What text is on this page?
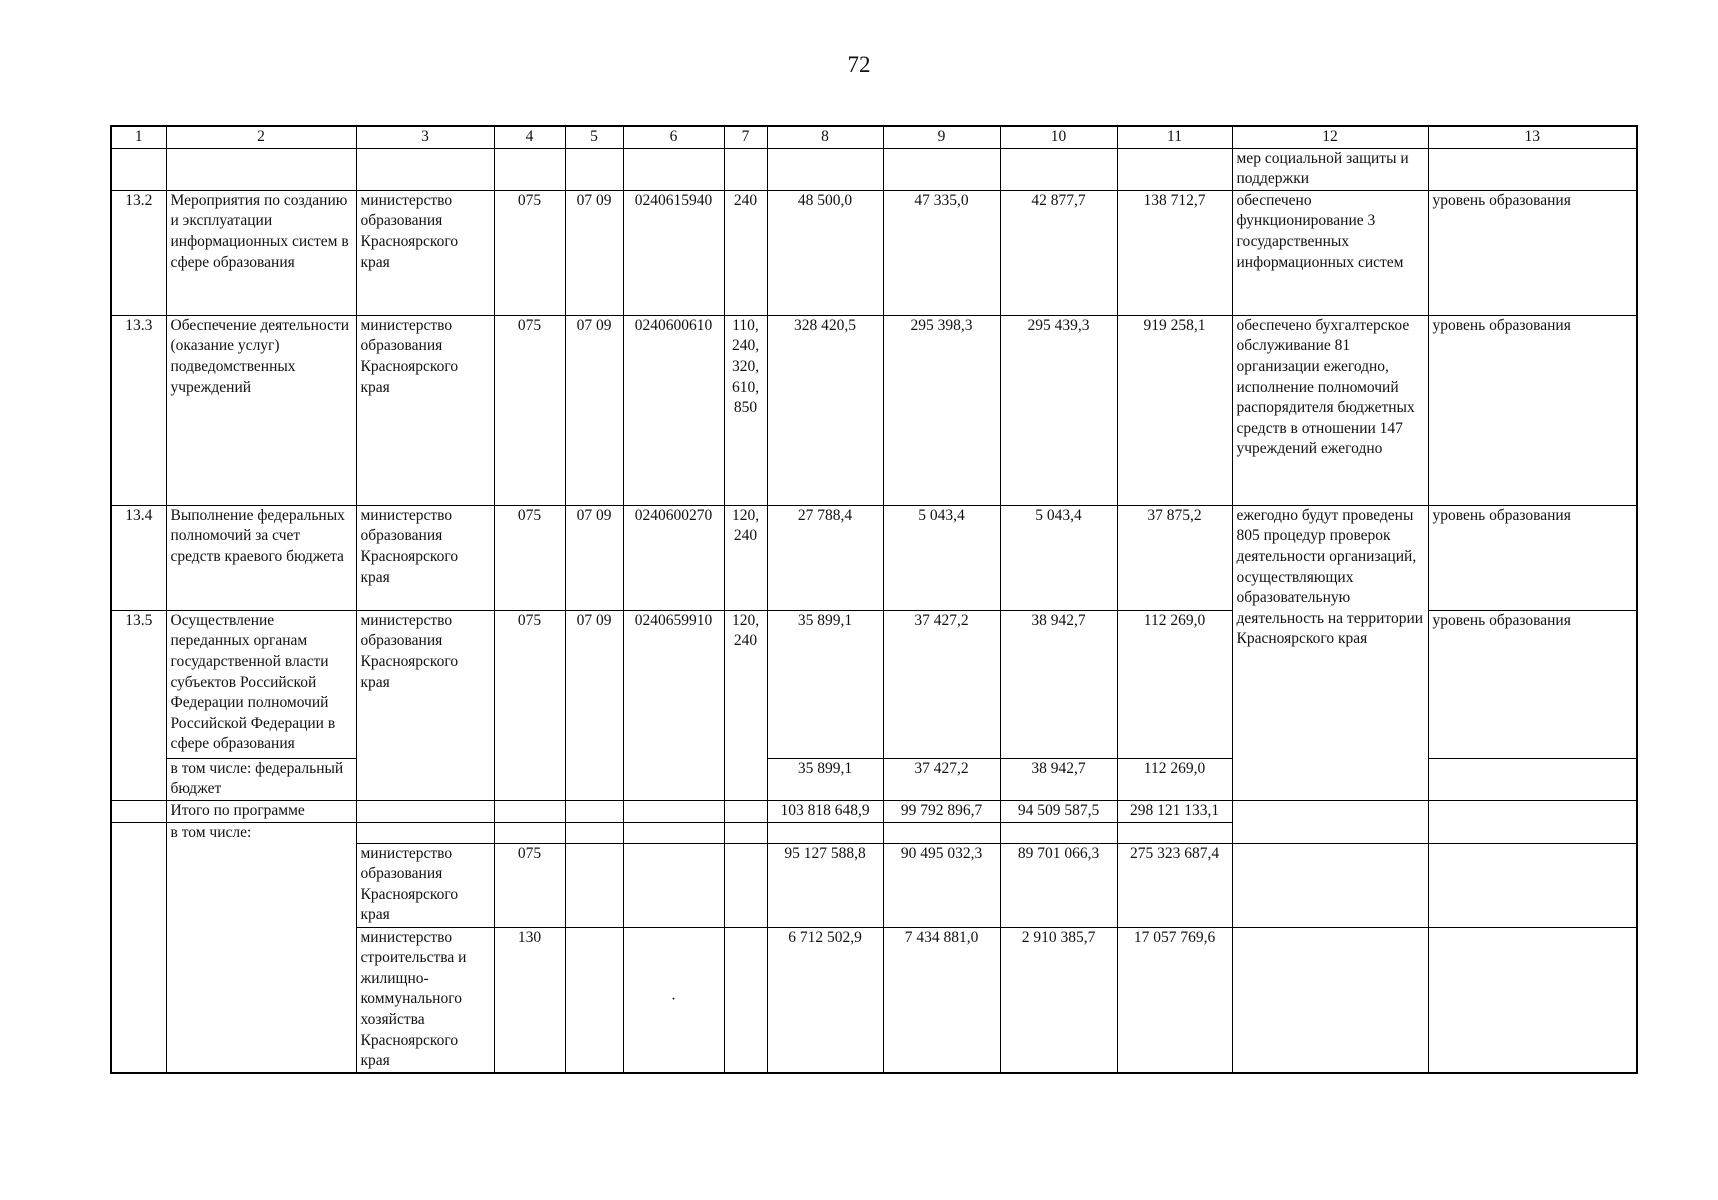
72
1	2	3	4	5	6	7	8	9	10	11	12	13
											мер социальной защиты и поддержки	
13.2	Мероприятия по созданию и эксплуатации информационных систем в сфере образования	министерство образования Красноярского края	075	07 09	0240615940	240	48 500,0	47 335,0	42 877,7	138 712,7	обеспечено функционирование 3 государственных информационных систем	уровень образования
13.3	Обеспечение деятельности (оказание услуг) подведомственных учреждений	министерство образования Красноярского края	075	07 09	0240600610	110, 240, 320, 610, 850	328 420,5	295 398,3	295 439,3	919 258,1	обеспечено бухгалтерское обслуживание 81 организации ежегодно, исполнение полномочий распорядителя бюджетных средств в отношении 147 учреждений ежегодно	уровень образования
13.4	Выполнение федеральных полномочий за счет средств краевого бюджета	министерство образования Красноярского края	075	07 09	0240600270	120, 240	27 788,4	5 043,4	5 043,4	37 875,2	ежегодно будут проведены 805 процедур проверок деятельности организаций, осуществляющих образовательную деятельность на территории Красноярского края	уровень образования
13.5	Осуществление переданных органам государственной власти субъектов Российской Федерации полномочий Российской Федерации в сфере образования	министерство образования Красноярского края	075	07 09	0240659910	120, 240	35 899,1	37 427,2	38 942,7	112 269,0		уровень образования
	в том числе: федеральный бюджет						35 899,1	37 427,2	38 942,7	112 269,0		
	Итого по программе						103 818 648,9	99 792 896,7	94 509 587,5	298 121 133,1		
	в том числе:											
		министерство образования Красноярского края	075				95 127 588,8	90 495 032,3	89 701 066,3	275 323 687,4		
		министерство строительства и жилищно-коммунального хозяйства Красноярского края	130		·		6 712 502,9	7 434 881,0	2 910 385,7	17 057 769,6		
